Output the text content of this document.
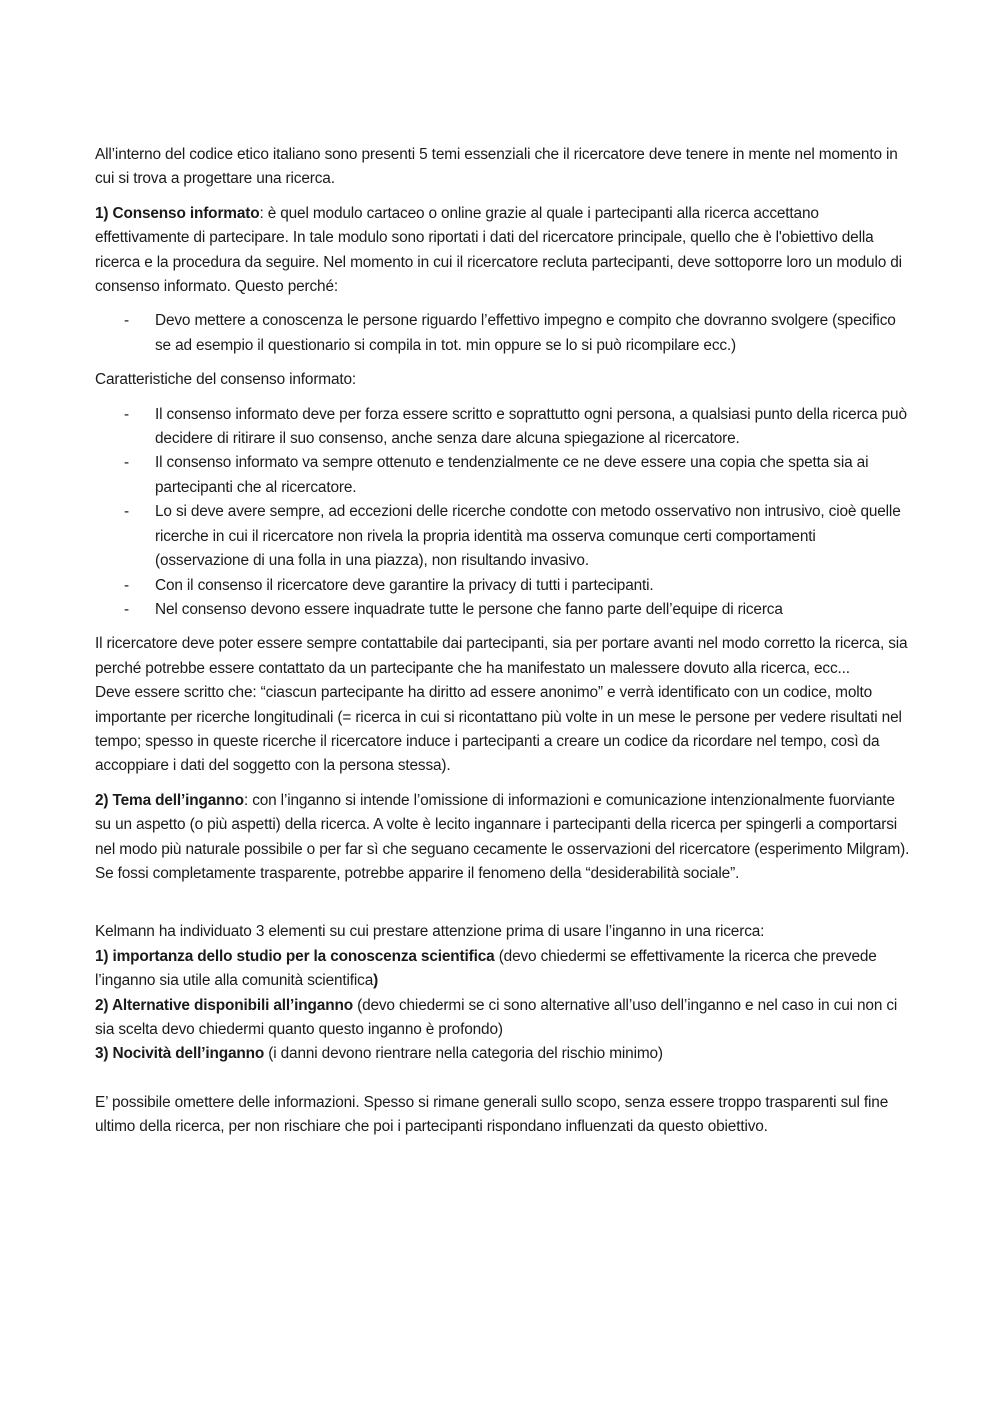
All’interno del codice etico italiano sono presenti 5 temi essenziali che il ricercatore deve tenere in mente nel momento in cui si trova a progettare una ricerca.

1) Consenso informato: è quel modulo cartaceo o online grazie al quale i partecipanti alla ricerca accettano effettivamente di partecipare. In tale modulo sono riportati i dati del ricercatore principale, quello che è l'obiettivo della ricerca e la procedura da seguire. Nel momento in cui il ricercatore recluta partecipanti, deve sottoporre loro un modulo di consenso informato. Questo perché:

- Devo mettere a conoscenza le persone riguardo l’effettivo impegno e compito che dovranno svolgere (specifico se ad esempio il questionario si compila in tot. min oppure se lo si può ricompilare ecc.)

Caratteristiche del consenso informato:

- Il consenso informato deve per forza essere scritto e soprattutto ogni persona, a qualsiasi punto della ricerca può decidere di ritirare il suo consenso, anche senza dare alcuna spiegazione al ricercatore.
- Il consenso informato va sempre ottenuto e tendenzialmente ce ne deve essere una copia che spetta sia ai partecipanti che al ricercatore.
- Lo si deve avere sempre, ad eccezioni delle ricerche condotte con metodo osservativo non intrusivo, cioè quelle ricerche in cui il ricercatore non rivela la propria identità ma osserva comunque certi comportamenti (osservazione di una folla in una piazza), non risultando invasivo.
- Con il consenso il ricercatore deve garantire la privacy di tutti i partecipanti.
- Nel consenso devono essere inquadrate tutte le persone che fanno parte dell’equipe di ricerca

Il ricercatore deve poter essere sempre contattabile dai partecipanti, sia per portare avanti nel modo corretto la ricerca, sia perché potrebbe essere contattato da un partecipante che ha manifestato un malessere dovuto alla ricerca, ecc...

Deve essere scritto che: “ciascun partecipante ha diritto ad essere anonimo” e verrà identificato con un codice, molto importante per ricerche longitudinali (= ricerca in cui si ricontattano più volte in un mese le persone per vedere risultati nel tempo; spesso in queste ricerche il ricercatore induce i partecipanti a creare un codice da ricordare nel tempo, così da accoppiare i dati del soggetto con la persona stessa).

2) Tema dell’inganno: con l’inganno si intende l’omissione di informazioni e comunicazione intenzionalmente fuorviante su un aspetto (o più aspetti) della ricerca. A volte è lecito ingannare i partecipanti della ricerca per spingerli a comportarsi nel modo più naturale possibile o per far sì che seguano cecamente le osservazioni del ricercatore (esperimento Milgram).

Se fossi completamente trasparente, potrebbe apparire il fenomeno della “desiderabilità sociale”.

Kelmann ha individuato 3 elementi su cui prestare attenzione prima di usare l’inganno in una ricerca:

1) importanza dello studio per la conoscenza scientifica (devo chiedermi se effettivamente la ricerca che prevede l’inganno sia utile alla comunità scientifica)

2) Alternative disponibili all’inganno (devo chiedermi se ci sono alternative all’uso dell’inganno e nel caso in cui non ci sia scelta devo chiedermi quanto questo inganno è profondo)

3) Nocività dell’inganno (i danni devono rientrare nella categoria del rischio minimo)

E’ possibile omettere delle informazioni. Spesso si rimane generali sullo scopo, senza essere troppo trasparenti sul fine ultimo della ricerca, per non rischiare che poi i partecipanti rispondano influenzati da questo obiettivo.
